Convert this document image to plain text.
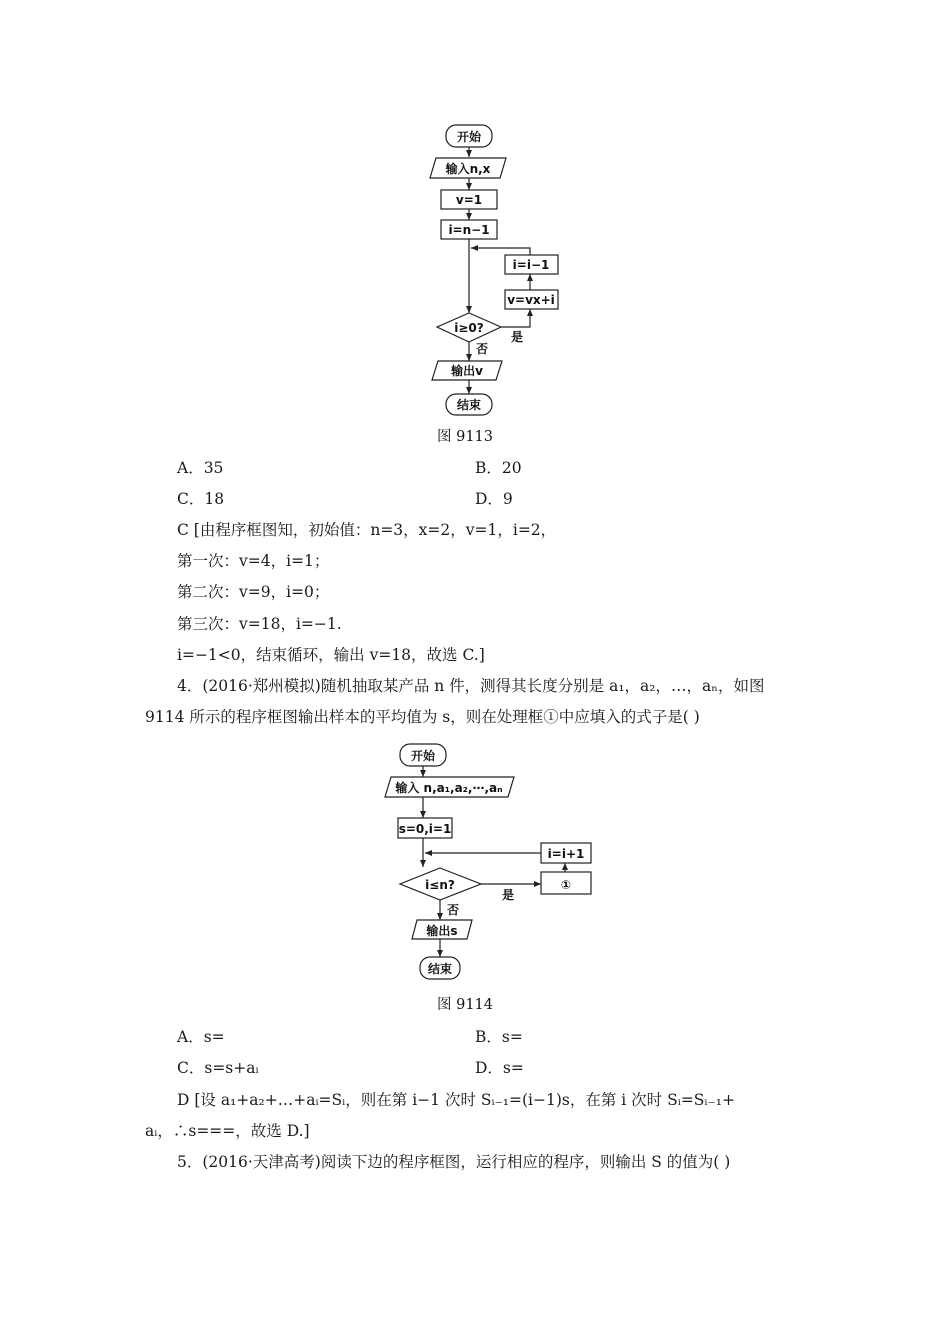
开始
输入n,x
v=1
i=n−1
i≥0?
v=vx+i
i=i−1
输出v
结束
是
否
图 9113
开始
输入 n,a₁,a₂,⋯,aₙ
s=0,i=1
i≤n?	①
i=i+1
输出s
结束
是
否
图 9114
A．35	B．20
C．18	D．9
C [由程序框图知，初始值：n=3，x=2，v=1，i=2，
第一次：v=4，i=1；
第二次：v=9，i=0；
第三次：v=18，i=−1.
i=−1<0，结束循环，输出 v=18，故选 C.]
4．(2016·郑州模拟)随机抽取某产品 n 件，测得其长度分别是 a₁，a₂，…，aₙ，如图
9114 所示的程序框图输出样本的平均值为 s，则在处理框①中应填入的式子是( )
A．s=	B．s=
C．s=s+aᵢ	D．s=
D [设 a₁+a₂+…+aᵢ=Sᵢ，则在第 i−1 次时 Sᵢ₋₁=(i−1)s，在第 i 次时 Sᵢ=Sᵢ₋₁+
aᵢ，∴s===，故选 D.]
5．(2016·天津高考)阅读下边的程序框图，运行相应的程序，则输出 S 的值为( )
